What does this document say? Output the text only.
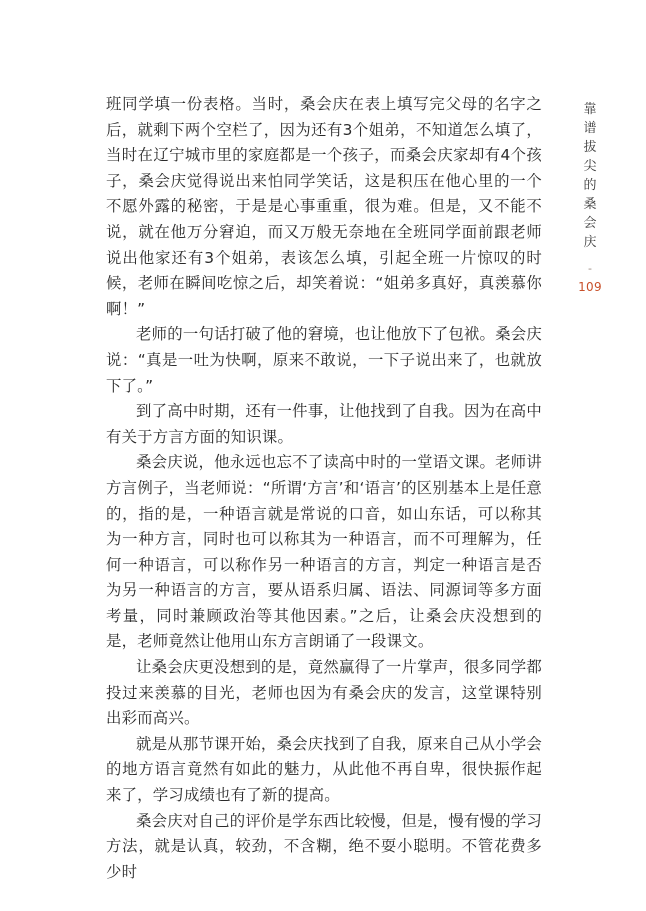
班同学填一份表格。当时，桑会庆在表上填写完父母的名字之后，就剩下两个空栏了，因为还有3个姐弟，不知道怎么填了，当时在辽宁城市里的家庭都是一个孩子，而桑会庆家却有4个孩子，桑会庆觉得说出来怕同学笑话，这是积压在他心里的一个不愿外露的秘密，于是是心事重重，很为难。但是，又不能不说，就在他万分窘迫，而又万般无奈地在全班同学面前跟老师说出他家还有3个姐弟，表该怎么填，引起全班一片惊叹的时候，老师在瞬间吃惊之后，却笑着说：“姐弟多真好，真羡慕你啊！”

老师的一句话打破了他的窘境，也让他放下了包袱。桑会庆说：“真是一吐为快啊，原来不敢说，一下子说出来了，也就放下了。”

到了高中时期，还有一件事，让他找到了自我。因为在高中有关于方言方面的知识课。

桑会庆说，他永远也忘不了读高中时的一堂语文课。老师讲方言例子，当老师说：“所谓‘方言’和‘语言’的区别基本上是任意的，指的是，一种语言就是常说的口音，如山东话，可以称其为一种方言，同时也可以称其为一种语言，而不可理解为，任何一种语言，可以称作另一种语言的方言，判定一种语言是否为另一种语言的方言，要从语系归属、语法、同源词等多方面考量，同时兼顾政治等其他因素。”之后，让桑会庆没想到的是，老师竟然让他用山东方言朗诵了一段课文。

让桑会庆更没想到的是，竟然赢得了一片掌声，很多同学都投过来羡慕的目光，老师也因为有桑会庆的发言，这堂课特别出彩而高兴。

就是从那节课开始，桑会庆找到了自我，原来自己从小学会的地方语言竟然有如此的魅力，从此他不再自卑，很快振作起来了，学习成绩也有了新的提高。

桑会庆对自己的评价是学东西比较慢，但是，慢有慢的学习方法，就是认真，较劲，不含糊，绝不耍小聪明。不管花费多少时

靠谱拔尖的桑会庆
-
109
